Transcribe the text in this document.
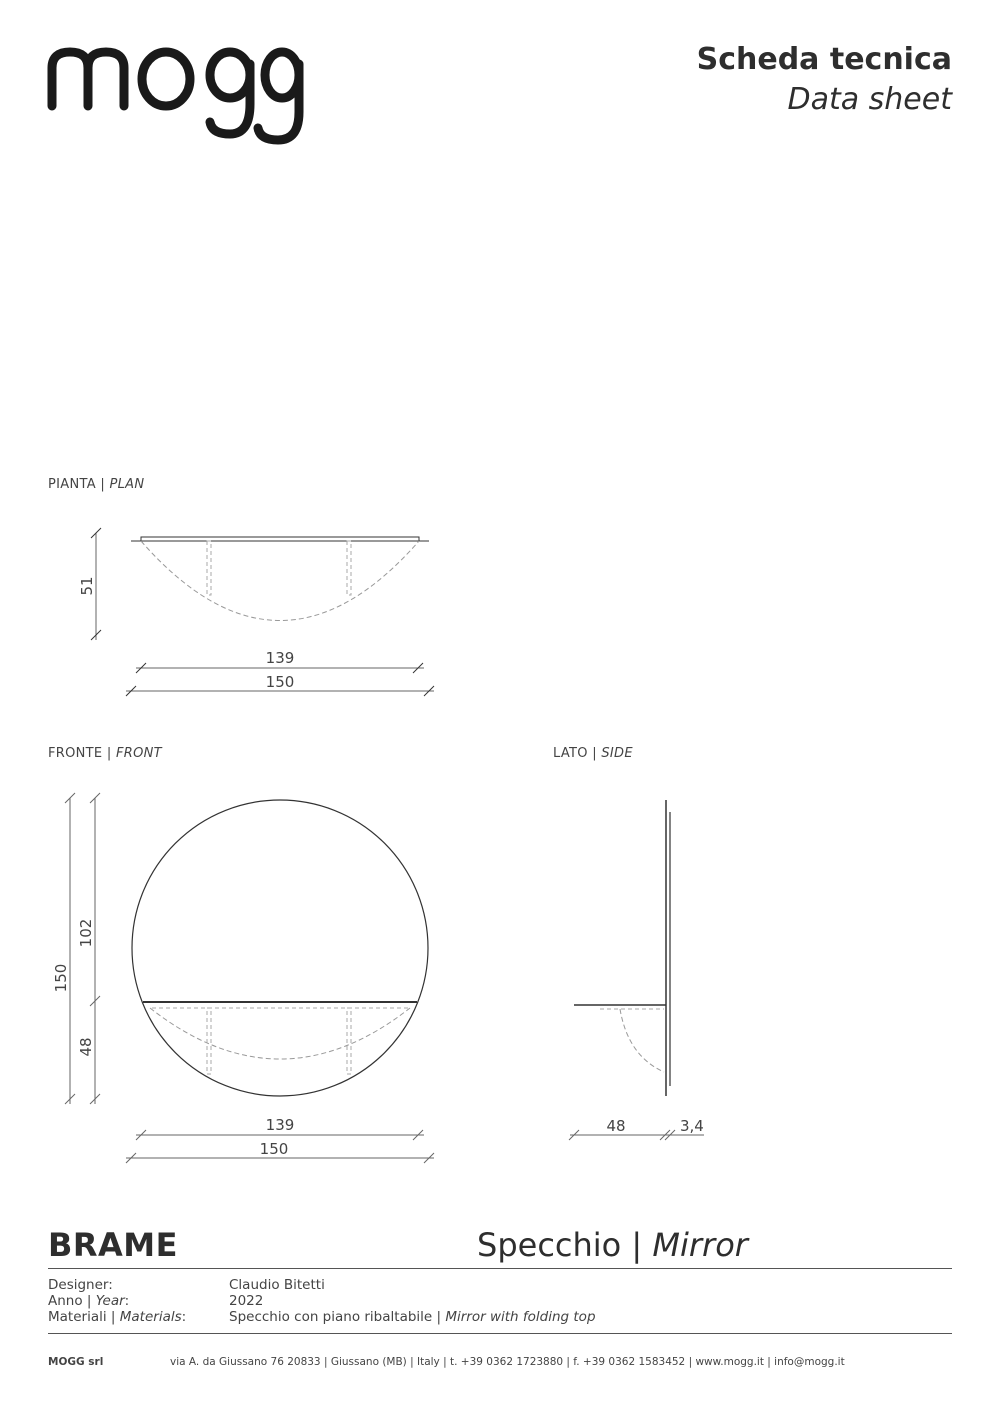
Scheda tecnica
Data sheet
PIANTA | PLAN
FRONTE | FRONT	LATO | SIDE
51
139
150
150
102
48
139
150
48	3,4
BRAME	Specchio | Mirror
Designer:	Claudio Bitetti
Anno | Year:	2022
Materiali | Materials:	Specchio con piano ribaltabile | Mirror with folding top
MOGG srl	via A. da Giussano 76 20833 | Giussano (MB) | Italy | t. +39 0362 1723880 | f. +39 0362 1583452 | www.mogg.it | info@mogg.it
